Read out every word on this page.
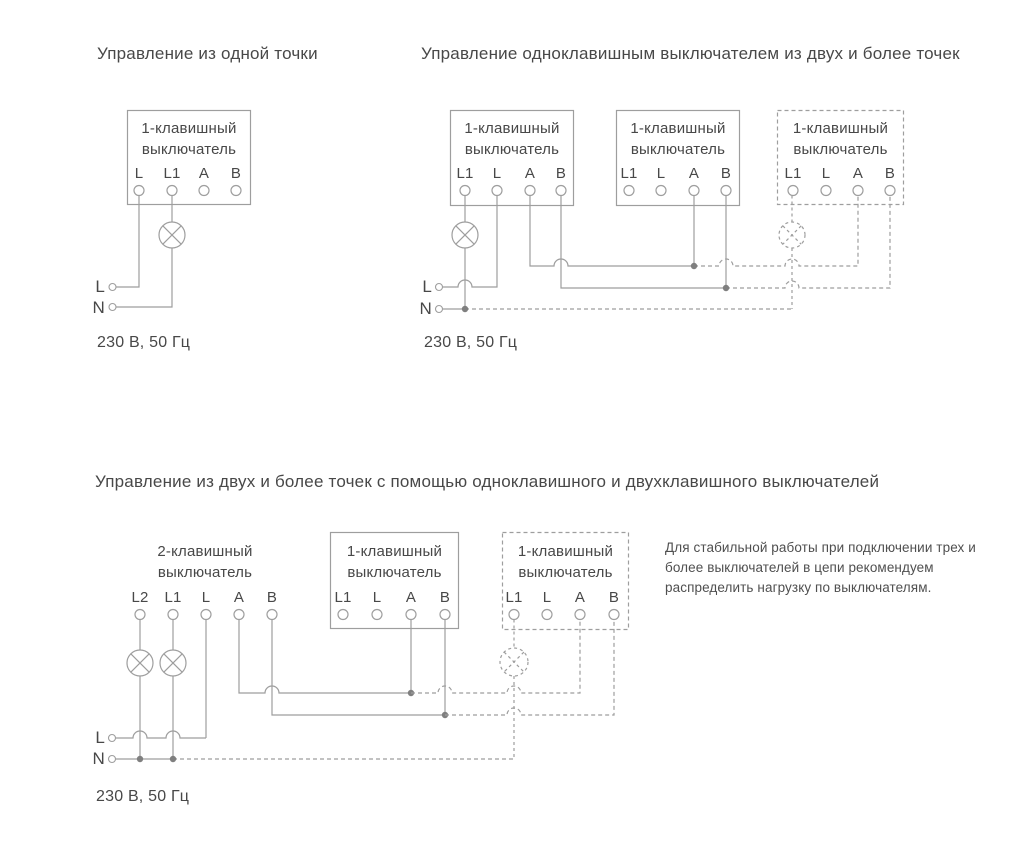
Управление из одной точки
1-клавишный
выключатель
L L1 A B
L
N
230 В, 50 Гц
Управление одноклавишным выключателем из двух и более точек
1-клавишный
выключатель
L1 L A B
1-клавишный
выключатель
L1 L A B
1-клавишный
выключатель
L1 L A B
L
N
230 В, 50 Гц
Управление из двух и более точек с помощью одноклавишного и двухклавишного выключателей
2-клавишный
выключатель
L2 L1 L A B
1-клавишный
выключатель
L1 L A B
1-клавишный
выключатель
L1 L A B
L
N
230 В, 50 Гц
Для стабильной работы при подключении трех и
более выключателей в цепи рекомендуем
распределить нагрузку по выключателям.
